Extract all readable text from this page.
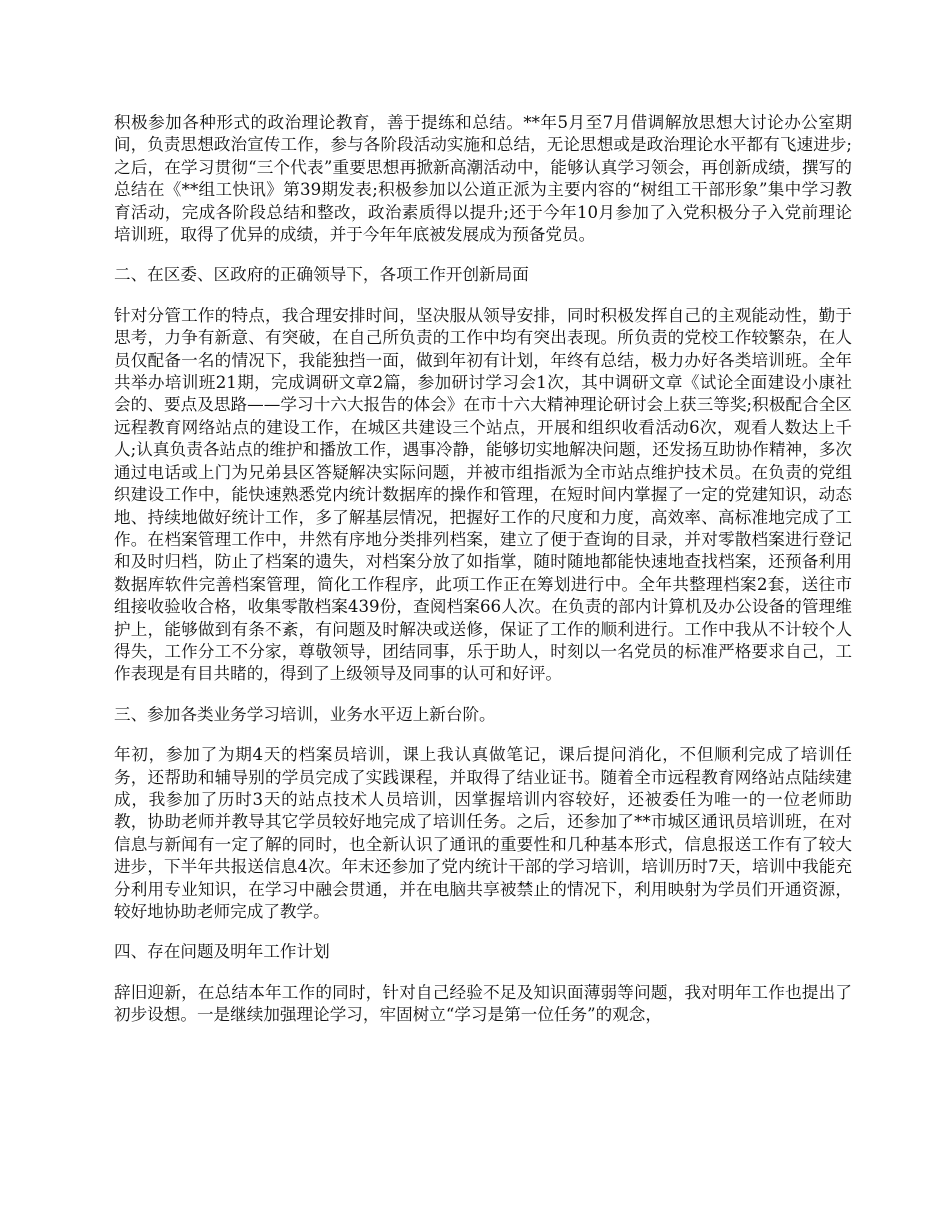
积极参加各种形式的政治理论教育，善于提练和总结。**年5月至7月借调解放思想大讨论办公室期间，负责思想政治宣传工作，参与各阶段活动实施和总结，无论思想或是政治理论水平都有飞速进步;之后，在学习贯彻“三个代表”重要思想再掀新高潮活动中，能够认真学习领会，再创新成绩，撰写的总结在《**组工快讯》第39期发表;积极参加以公道正派为主要内容的“树组工干部形象”集中学习教育活动，完成各阶段总结和整改，政治素质得以提升;还于今年10月参加了入党积极分子入党前理论培训班，取得了优异的成绩，并于今年年底被发展成为预备党员。

二、在区委、区政府的正确领导下，各项工作开创新局面

针对分管工作的特点，我合理安排时间，坚决服从领导安排，同时积极发挥自己的主观能动性，勤于思考，力争有新意、有突破，在自己所负责的工作中均有突出表现。所负责的党校工作较繁杂，在人员仅配备一名的情况下，我能独挡一面，做到年初有计划，年终有总结，极力办好各类培训班。全年共举办培训班21期，完成调研文章2篇，参加研讨学习会1次，其中调研文章《试论全面建设小康社会的、要点及思路——学习十六大报告的体会》在市十六大精神理论研讨会上获三等奖;积极配合全区远程教育网络站点的建设工作，在城区共建设三个站点，开展和组织收看活动6次，观看人数达上千人;认真负责各站点的维护和播放工作，遇事冷静，能够切实地解决问题，还发扬互助协作精神，多次通过电话或上门为兄弟县区答疑解决实际问题，并被市组指派为全市站点维护技术员。在负责的党组织建设工作中，能快速熟悉党内统计数据库的操作和管理，在短时间内掌握了一定的党建知识，动态地、持续地做好统计工作，多了解基层情况，把握好工作的尺度和力度，高效率、高标准地完成了工作。在档案管理工作中，井然有序地分类排列档案，建立了便于查询的目录，并对零散档案进行登记和及时归档，防止了档案的遗失，对档案分放了如指掌，随时随地都能快速地查找档案，还预备利用数据库软件完善档案管理，简化工作程序，此项工作正在筹划进行中。全年共整理档案2套，送往市组接收验收合格，收集零散档案439份，查阅档案66人次。在负责的部内计算机及办公设备的管理维护上，能够做到有条不紊，有问题及时解决或送修，保证了工作的顺利进行。工作中我从不计较个人得失，工作分工不分家，尊敬领导，团结同事，乐于助人，时刻以一名党员的标准严格要求自己，工作表现是有目共睹的，得到了上级领导及同事的认可和好评。

三、参加各类业务学习培训，业务水平迈上新台阶。

年初，参加了为期4天的档案员培训，课上我认真做笔记，课后提问消化，不但顺利完成了培训任务，还帮助和辅导别的学员完成了实践课程，并取得了结业证书。随着全市远程教育网络站点陆续建成，我参加了历时3天的站点技术人员培训，因掌握培训内容较好，还被委任为唯一的一位老师助教，协助老师并教导其它学员较好地完成了培训任务。之后，还参加了**市城区通讯员培训班，在对信息与新闻有一定了解的同时，也全新认识了通讯的重要性和几种基本形式，信息报送工作有了较大进步，下半年共报送信息4次。年末还参加了党内统计干部的学习培训，培训历时7天，培训中我能充分利用专业知识，在学习中融会贯通，并在电脑共享被禁止的情况下，利用映射为学员们开通资源，较好地协助老师完成了教学。

四、存在问题及明年工作计划

辞旧迎新，在总结本年工作的同时，针对自己经验不足及知识面薄弱等问题，我对明年工作也提出了初步设想。一是继续加强理论学习，牢固树立“学习是第一位任务”的观念，
